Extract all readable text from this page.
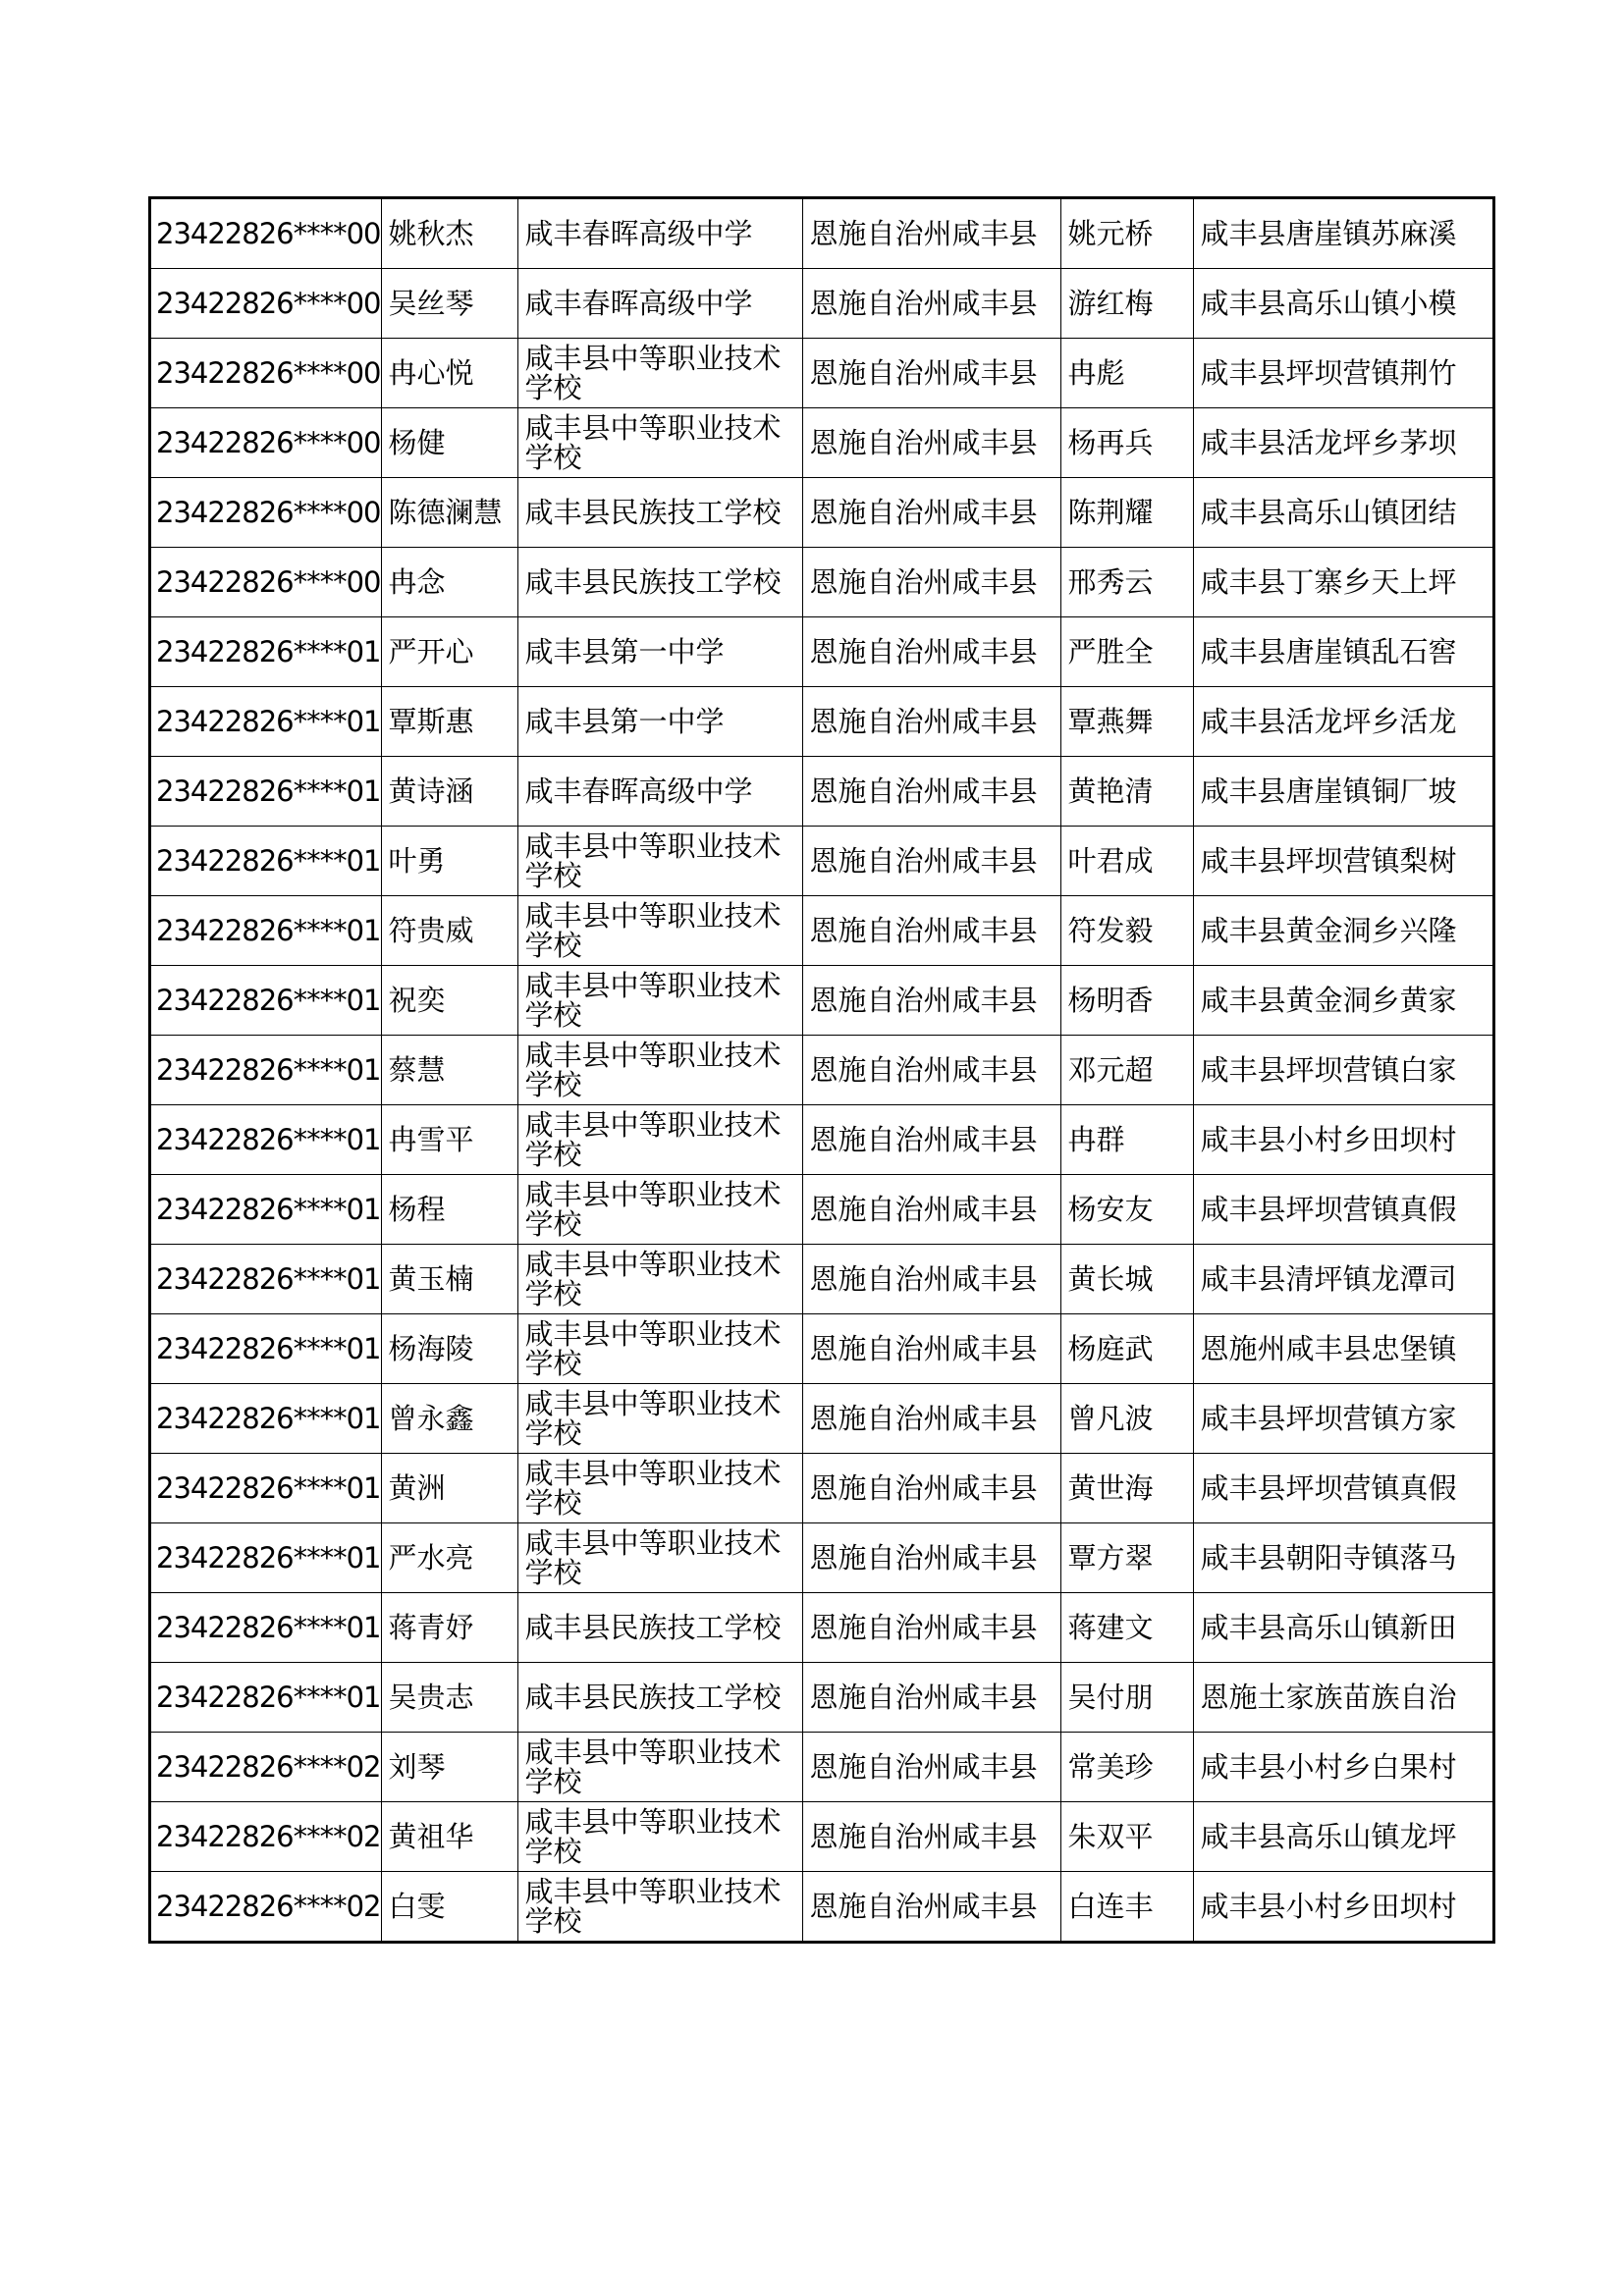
23422826****00	姚秋杰	咸丰春晖高级中学	恩施自治州咸丰县	姚元桥	咸丰县唐崖镇苏麻溪
23422826****00	吴丝琴	咸丰春晖高级中学	恩施自治州咸丰县	游红梅	咸丰县高乐山镇小模
23422826****00	冉心悦	咸丰县中等职业技术学校	恩施自治州咸丰县	冉彪	咸丰县坪坝营镇荆竹
23422826****00	杨健	咸丰县中等职业技术学校	恩施自治州咸丰县	杨再兵	咸丰县活龙坪乡茅坝
23422826****00	陈德澜慧	咸丰县民族技工学校	恩施自治州咸丰县	陈荆耀	咸丰县高乐山镇团结
23422826****00	冉念	咸丰县民族技工学校	恩施自治州咸丰县	邢秀云	咸丰县丁寨乡天上坪
23422826****01	严开心	咸丰县第一中学	恩施自治州咸丰县	严胜全	咸丰县唐崖镇乱石窖
23422826****01	覃斯惠	咸丰县第一中学	恩施自治州咸丰县	覃燕舞	咸丰县活龙坪乡活龙
23422826****01	黄诗涵	咸丰春晖高级中学	恩施自治州咸丰县	黄艳清	咸丰县唐崖镇铜厂坡
23422826****01	叶勇	咸丰县中等职业技术学校	恩施自治州咸丰县	叶君成	咸丰县坪坝营镇梨树
23422826****01	符贵威	咸丰县中等职业技术学校	恩施自治州咸丰县	符发毅	咸丰县黄金洞乡兴隆
23422826****01	祝奕	咸丰县中等职业技术学校	恩施自治州咸丰县	杨明香	咸丰县黄金洞乡黄家
23422826****01	蔡慧	咸丰县中等职业技术学校	恩施自治州咸丰县	邓元超	咸丰县坪坝营镇白家
23422826****01	冉雪平	咸丰县中等职业技术学校	恩施自治州咸丰县	冉群	咸丰县小村乡田坝村
23422826****01	杨程	咸丰县中等职业技术学校	恩施自治州咸丰县	杨安友	咸丰县坪坝营镇真假
23422826****01	黄玉楠	咸丰县中等职业技术学校	恩施自治州咸丰县	黄长城	咸丰县清坪镇龙潭司
23422826****01	杨海陵	咸丰县中等职业技术学校	恩施自治州咸丰县	杨庭武	恩施州咸丰县忠堡镇
23422826****01	曾永鑫	咸丰县中等职业技术学校	恩施自治州咸丰县	曾凡波	咸丰县坪坝营镇方家
23422826****01	黄洲	咸丰县中等职业技术学校	恩施自治州咸丰县	黄世海	咸丰县坪坝营镇真假
23422826****01	严水亮	咸丰县中等职业技术学校	恩施自治州咸丰县	覃方翠	咸丰县朝阳寺镇落马
23422826****01	蒋青妤	咸丰县民族技工学校	恩施自治州咸丰县	蒋建文	咸丰县高乐山镇新田
23422826****01	吴贵志	咸丰县民族技工学校	恩施自治州咸丰县	吴付朋	恩施土家族苗族自治
23422826****02	刘琴	咸丰县中等职业技术学校	恩施自治州咸丰县	常美珍	咸丰县小村乡白果村
23422826****02	黄祖华	咸丰县中等职业技术学校	恩施自治州咸丰县	朱双平	咸丰县高乐山镇龙坪
23422826****02	白雯	咸丰县中等职业技术学校	恩施自治州咸丰县	白连丰	咸丰县小村乡田坝村
